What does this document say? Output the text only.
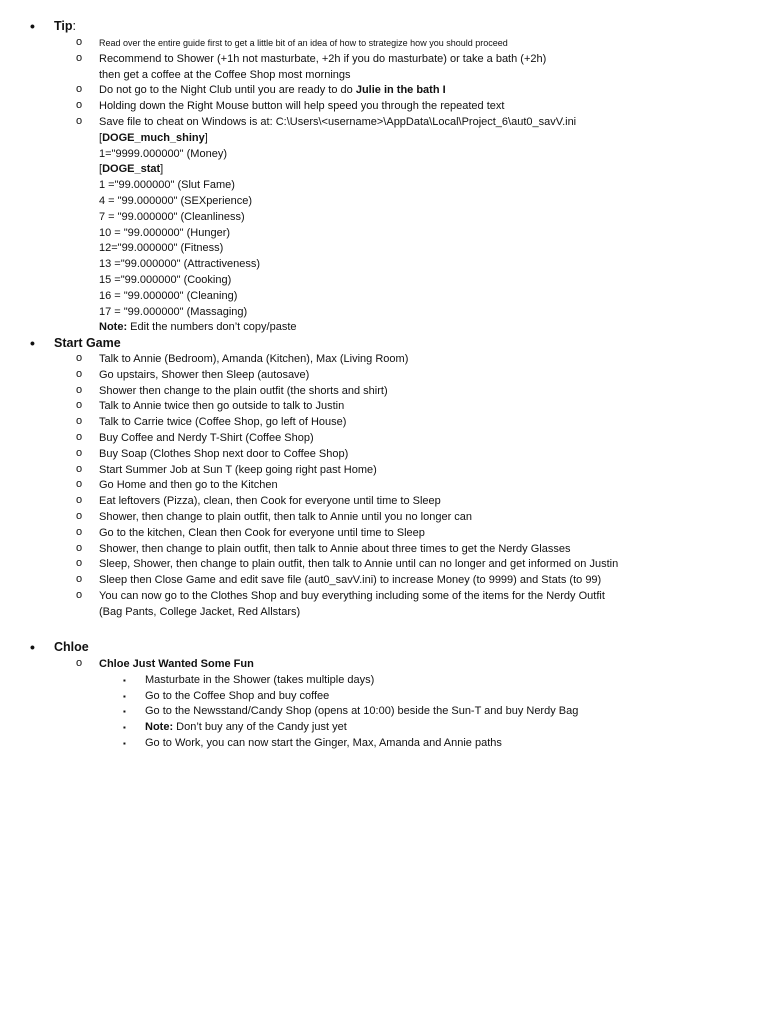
• Tip:
o Read over the entire guide first to get a little bit of an idea of how to strategize how you should proceed
o Recommend to Shower (+1h not masturbate, +2h if you do masturbate) or take a bath (+2h)
then get a coffee at the Coffee Shop most mornings
o Do not go to the Night Club until you are ready to do Julie in the bath I
o Holding down the Right Mouse button will help speed you through the repeated text
o Save file to cheat on Windows is at: C:\Users\<username>\AppData\Local\Project_6\aut0_savV.ini
[DOGE_much_shiny]
1="9999.000000" (Money)
[DOGE_stat]
1 ="99.000000" (Slut Fame)
4 = "99.000000" (SEXperience)
7 = "99.000000" (Cleanliness)
10 = "99.000000" (Hunger)
12="99.000000" (Fitness)
13 ="99.000000" (Attractiveness)
15 ="99.000000" (Cooking)
16 = "99.000000" (Cleaning)
17 = "99.000000" (Massaging)
Note: Edit the numbers don’t copy/paste
• Start Game
o Talk to Annie (Bedroom), Amanda (Kitchen), Max (Living Room)
o Go upstairs, Shower then Sleep (autosave)
o Shower then change to the plain outfit (the shorts and shirt)
o Talk to Annie twice then go outside to talk to Justin
o Talk to Carrie twice (Coffee Shop, go left of House)
o Buy Coffee and Nerdy T-Shirt (Coffee Shop)
o Buy Soap (Clothes Shop next door to Coffee Shop)
o Start Summer Job at Sun T (keep going right past Home)
o Go Home and then go to the Kitchen
o Eat leftovers (Pizza), clean, then Cook for everyone until time to Sleep
o Shower, then change to plain outfit, then talk to Annie until you no longer can
o Go to the kitchen, Clean then Cook for everyone until time to Sleep
o Shower, then change to plain outfit, then talk to Annie about three times to get the Nerdy Glasses
o Sleep, Shower, then change to plain outfit, then talk to Annie until can no longer and get informed on Justin
o Sleep then Close Game and edit save file (aut0_savV.ini) to increase Money (to 9999) and Stats (to 99)
o You can now go to the Clothes Shop and buy everything including some of the items for the Nerdy Outfit
(Bag Pants, College Jacket, Red Allstars)
• Chloe
o Chloe Just Wanted Some Fun
▪ Masturbate in the Shower (takes multiple days)
▪ Go to the Coffee Shop and buy coffee
▪ Go to the Newsstand/Candy Shop (opens at 10:00) beside the Sun-T and buy Nerdy Bag
▪ Note: Don’t buy any of the Candy just yet
▪ Go to Work, you can now start the Ginger, Max, Amanda and Annie paths
